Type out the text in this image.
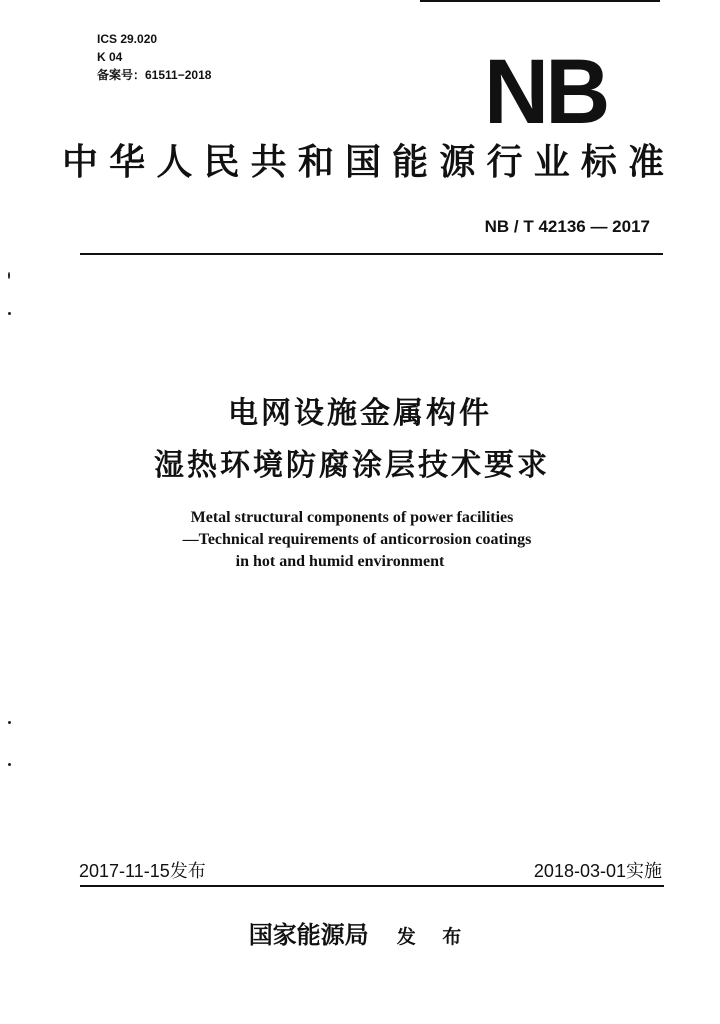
ICS 29.020
K 04
备案号：61511−2018	NB
中华人民共和国能源行业标准
NB / T 42136 — 2017
电网设施金属构件
湿热环境防腐涂层技术要求
Metal structural components of power facilities
—Technical requirements of anticorrosion coatings
in hot and humid environment
2017-11-15发布	2018-03-01实施
国家能源局 发 布
